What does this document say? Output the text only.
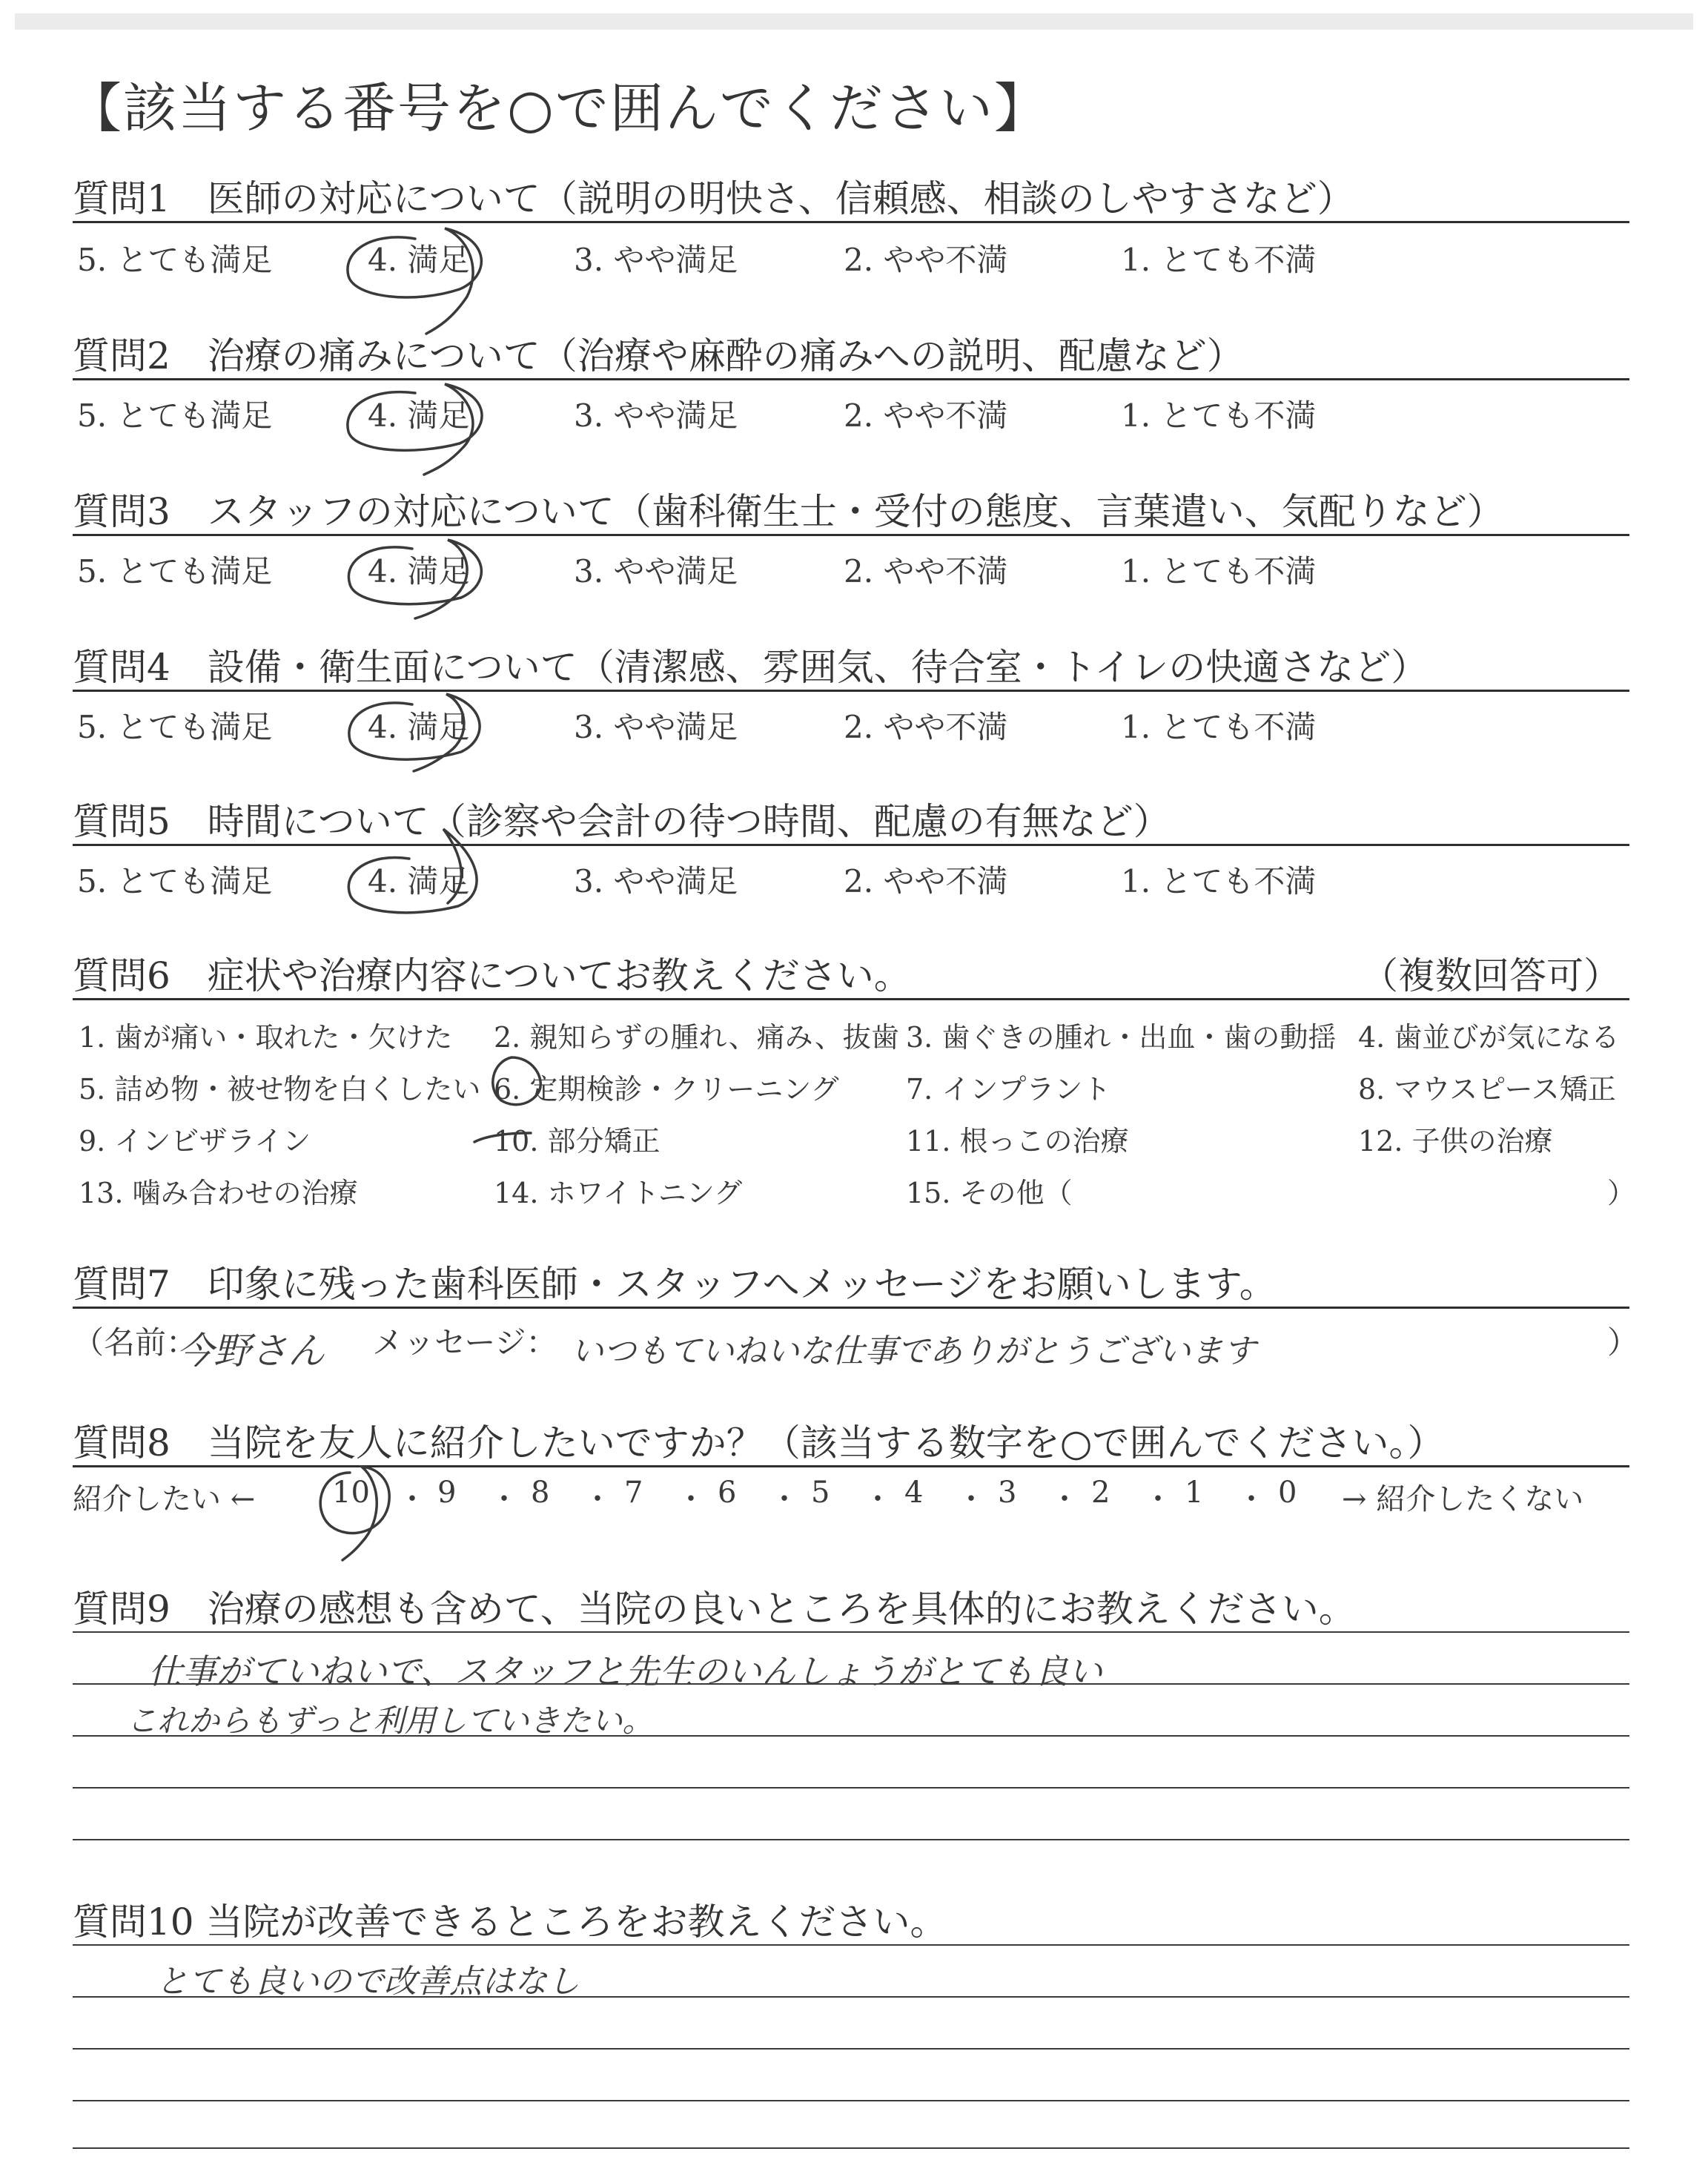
【該当する番号を○で囲んでください】
質問1　医師の対応について（説明の明快さ、信頼感、相談のしやすさなど）
5. とても満足	4. 満足	3. やや満足	2. やや不満	1. とても不満
質問2　治療の痛みについて（治療や麻酔の痛みへの説明、配慮など）
5. とても満足	4. 満足	3. やや満足	2. やや不満	1. とても不満
質問3　スタッフの対応について（歯科衛生士・受付の態度、言葉遣い、気配りなど）
5. とても満足	4. 満足	3. やや満足	2. やや不満	1. とても不満
質問4　設備・衛生面について（清潔感、雰囲気、待合室・トイレの快適さなど）
5. とても満足	4. 満足	3. やや満足	2. やや不満	1. とても不満
質問5　時間について（診察や会計の待つ時間、配慮の有無など）
5. とても満足	4. 満足	3. やや満足	2. やや不満	1. とても不満
質問6　症状や治療内容についてお教えください。	（複数回答可）
1. 歯が痛い・取れた・欠けた 2. 親知らずの腫れ、痛み、抜歯 3. 歯ぐきの腫れ・出血・歯の動揺 4. 歯並びが気になる
5. 詰め物・被せ物を白くしたい 6. 定期検診・クリーニング 7. インプラント	8. マウスピース矯正
9. インビザライン	10. 部分矯正	11. 根っこの治療	12. 子供の治療
13. 噛み合わせの治療	14. ホワイトニング	15. その他（	）
質問7　印象に残った歯科医師・スタッフへメッセージをお願いします。
（名前：
今野さん メッセージ： いつもていねいな仕事でありがとうございます	）
質問8　当院を友人に紹介したいですか？（該当する数字を○で囲んでください。）
紹介したい ←	10 ・ 9 ・ 8 ・ 7 ・ 6 ・ 5 ・ 4 ・ 3 ・ 2 ・ 1 ・ 0 → 紹介したくない
質問9　治療の感想も含めて、当院の良いところを具体的にお教えください。
仕事がていねいで、スタッフと先生のいんしょうがとても良い
これからもずっと利用していきたい。
質問10 当院が改善できるところをお教えください。
とても良いので改善点はなし
